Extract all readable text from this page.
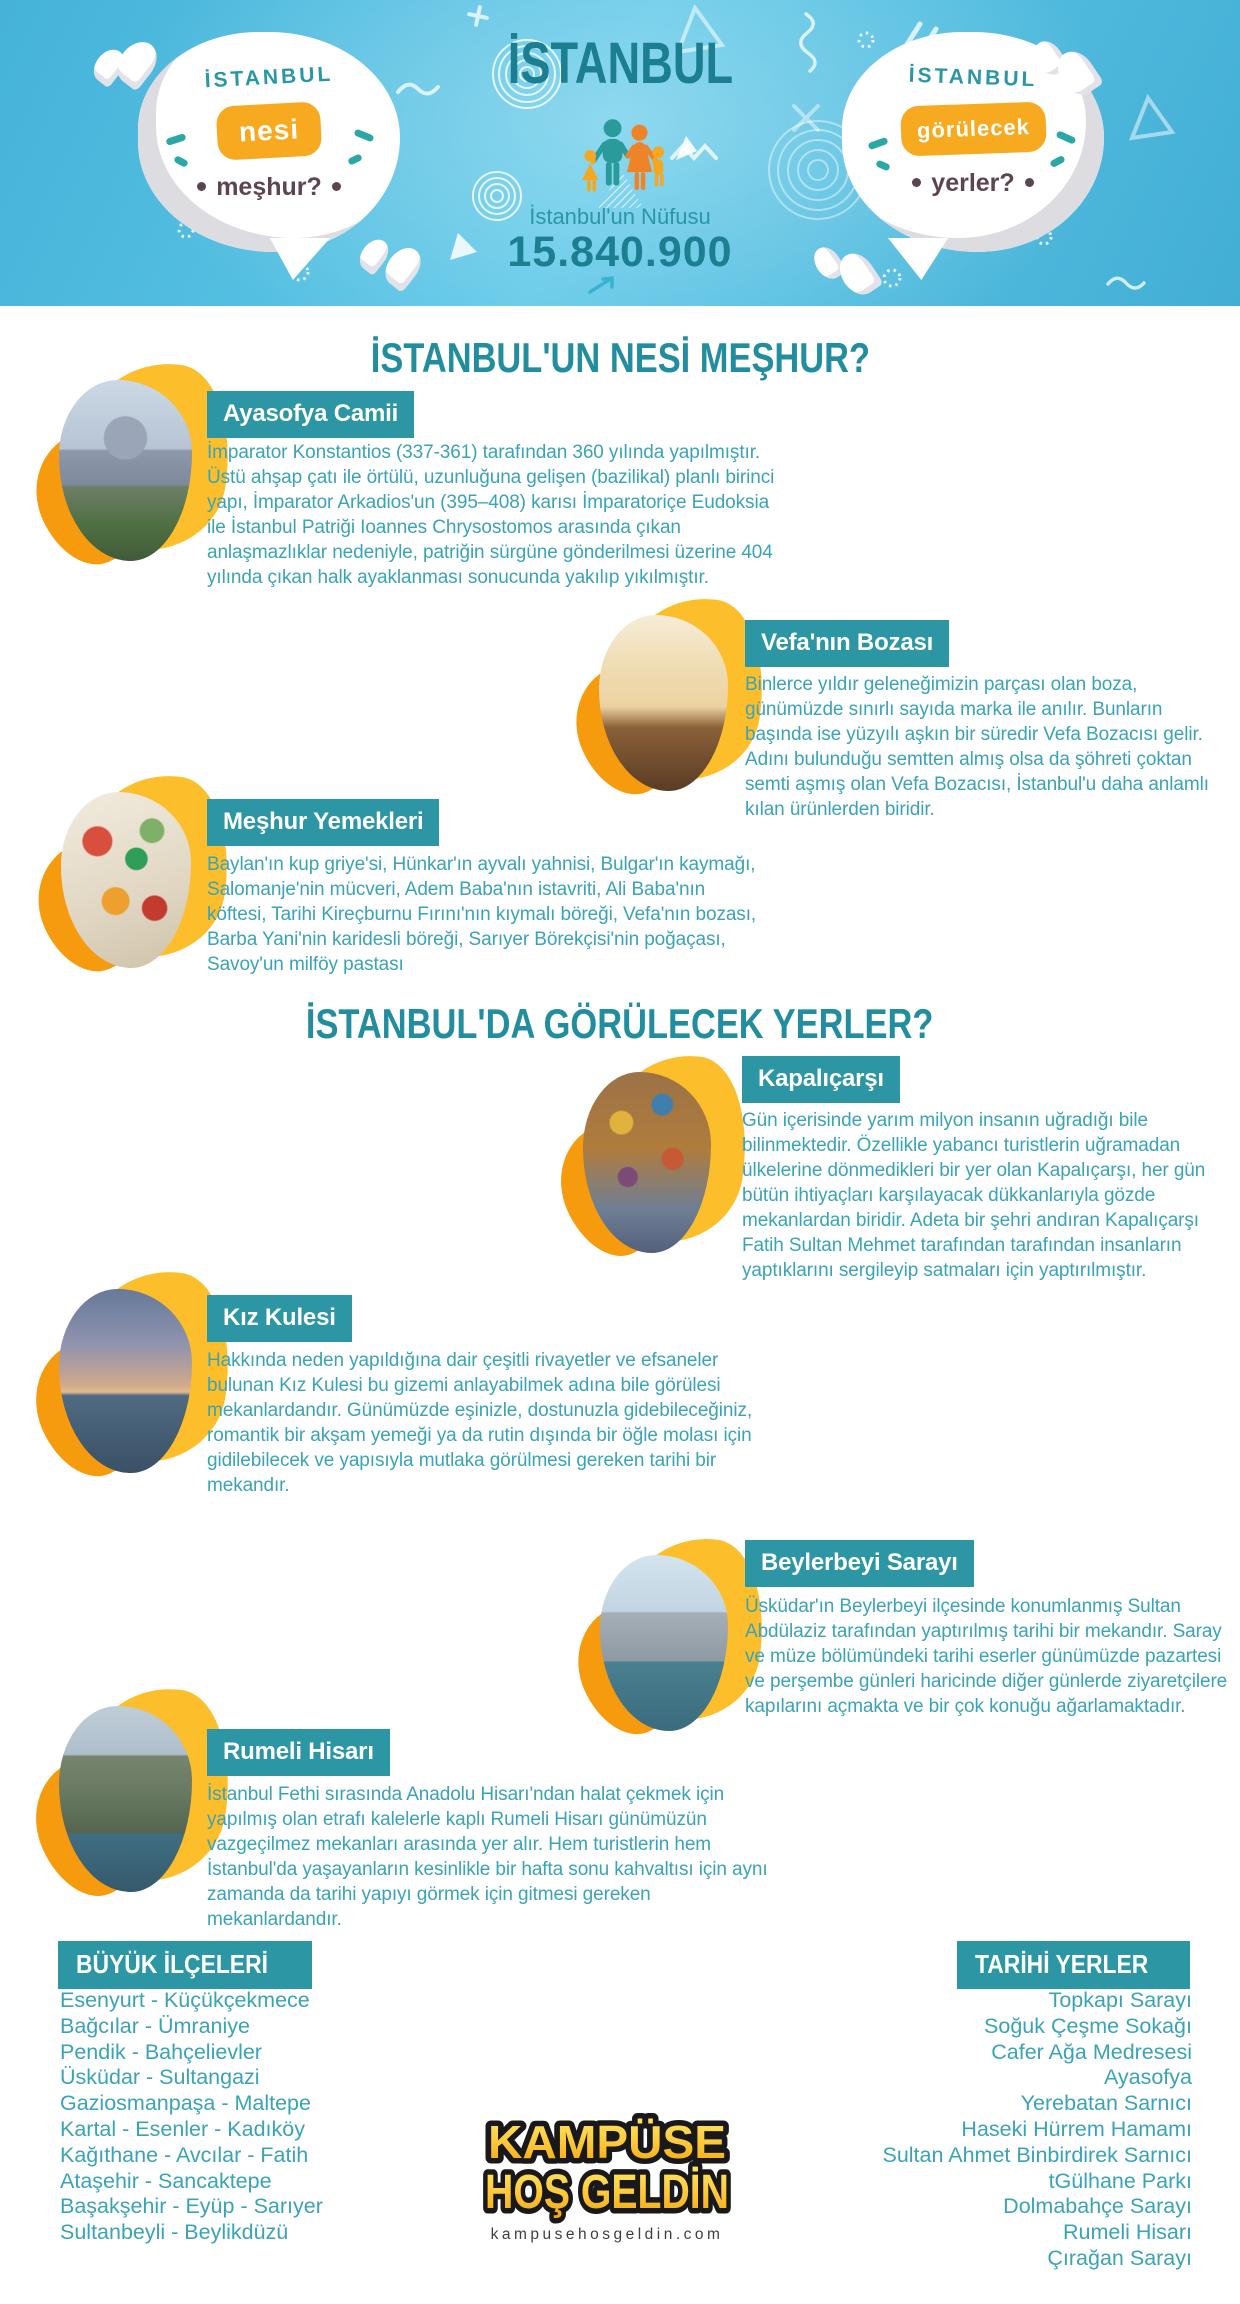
İSTANBUL
nesi
meşhur?
İSTANBUL
görülecek
yerler?
İSTANBUL
İstanbul'un Nüfusu
15.840.900
İSTANBUL'UN NESİ MEŞHUR?
Ayasofya Camii

İmparator Konstantios (337-361) tarafından 360 yılında yapılmıştır. Üstü ahşap çatı ile örtülü, uzunluğuna gelişen (bazilikal) planlı birinci yapı, İmparator Arkadios'un (395–408) karısı İmparatoriçe Eudoksia ile İstanbul Patriği Ioannes Chrysostomos arasında çıkan anlaşmazlıklar nedeniyle, patriğin sürgüne gönderilmesi üzerine 404 yılında çıkan halk ayaklanması sonucunda yakılıp yıkılmıştır.

Vefa'nın Bozası

Binlerce yıldır geleneğimizin parçası olan boza, günümüzde sınırlı sayıda marka ile anılır. Bunların başında ise yüzyılı aşkın bir süredir Vefa Bozacısı gelir. Adını bulunduğu semtten almış olsa da şöhreti çoktan semti aşmış olan Vefa Bozacısı, İstanbul'u daha anlamlı kılan ürünlerden biridir.

Meşhur Yemekleri

Baylan'ın kup griye'si, Hünkar'ın ayvalı yahnisi, Bulgar'ın kaymağı, Salomanje'nin mücveri, Adem Baba'nın istavriti, Ali Baba'nın köftesi, Tarihi Kireçburnu Fırını'nın kıymalı böreği, Vefa'nın bozası, Barba Yani'nin karidesli böreği, Sarıyer Börekçisi'nin poğaçası, Savoy'un milföy pastası

İSTANBUL'DA GÖRÜLECEK YERLER?
Kapalıçarşı

Gün içerisinde yarım milyon insanın uğradığı bile bilinmektedir. Özellikle yabancı turistlerin uğramadan ülkelerine dönmedikleri bir yer olan Kapalıçarşı, her gün bütün ihtiyaçları karşılayacak dükkanlarıyla gözde mekanlardan biridir. Adeta bir şehri andıran Kapalıçarşı Fatih Sultan Mehmet tarafından tarafından insanların yaptıklarını sergileyip satmaları için yaptırılmıştır.

Kız Kulesi

Hakkında neden yapıldığına dair çeşitli rivayetler ve efsaneler bulunan Kız Kulesi bu gizemi anlayabilmek adına bile görülesi mekanlardandır. Günümüzde eşinizle, dostunuzla gidebileceğiniz, romantik bir akşam yemeği ya da rutin dışında bir öğle molası için gidilebilecek ve yapısıyla mutlaka görülmesi gereken tarihi bir mekandır.

Beylerbeyi Sarayı

Üsküdar'ın Beylerbeyi ilçesinde konumlanmış Sultan Abdülaziz tarafından yaptırılmış tarihi bir mekandır. Saray ve müze bölümündeki tarihi eserler günümüzde pazartesi ve perşembe günleri haricinde diğer günlerde ziyaretçilere kapılarını açmakta ve bir çok konuğu ağarlamaktadır.

Rumeli Hisarı

İstanbul Fethi sırasında Anadolu Hisarı'ndan halat çekmek için yapılmış olan etrafı kalelerle kaplı Rumeli Hisarı günümüzün vazgeçilmez mekanları arasında yer alır. Hem turistlerin hem İstanbul'da yaşayanların kesinlikle bir hafta sonu kahvaltısı için aynı zamanda da tarihi yapıyı görmek için gitmesi gereken mekanlardandır.

BÜYÜK İLÇELERİ
Esenyurt - Küçükçekmece
Bağcılar - Ümraniye
Pendik - Bahçelievler
Üsküdar - Sultangazi
Gaziosmanpaşa - Maltepe
Kartal - Esenler - Kadıköy
Kağıthane - Avcılar - Fatih
Ataşehir - Sancaktepe
Başakşehir - Eyüp - Sarıyer
Sultanbeyli - Beylikdüzü
TARİHİ YERLER
Topkapı Sarayı
Soğuk Çeşme Sokağı
Cafer Ağa Medresesi
Ayasofya
Yerebatan Sarnıcı
Haseki Hürrem Hamamı
Sultan Ahmet Binbirdirek Sarnıcı
tGülhane Parkı
Dolmabahçe Sarayı
Rumeli Hisarı
Çırağan Sarayı
KAMPÜSE
HOŞ GELDİN
kampusehosgeldin.com
